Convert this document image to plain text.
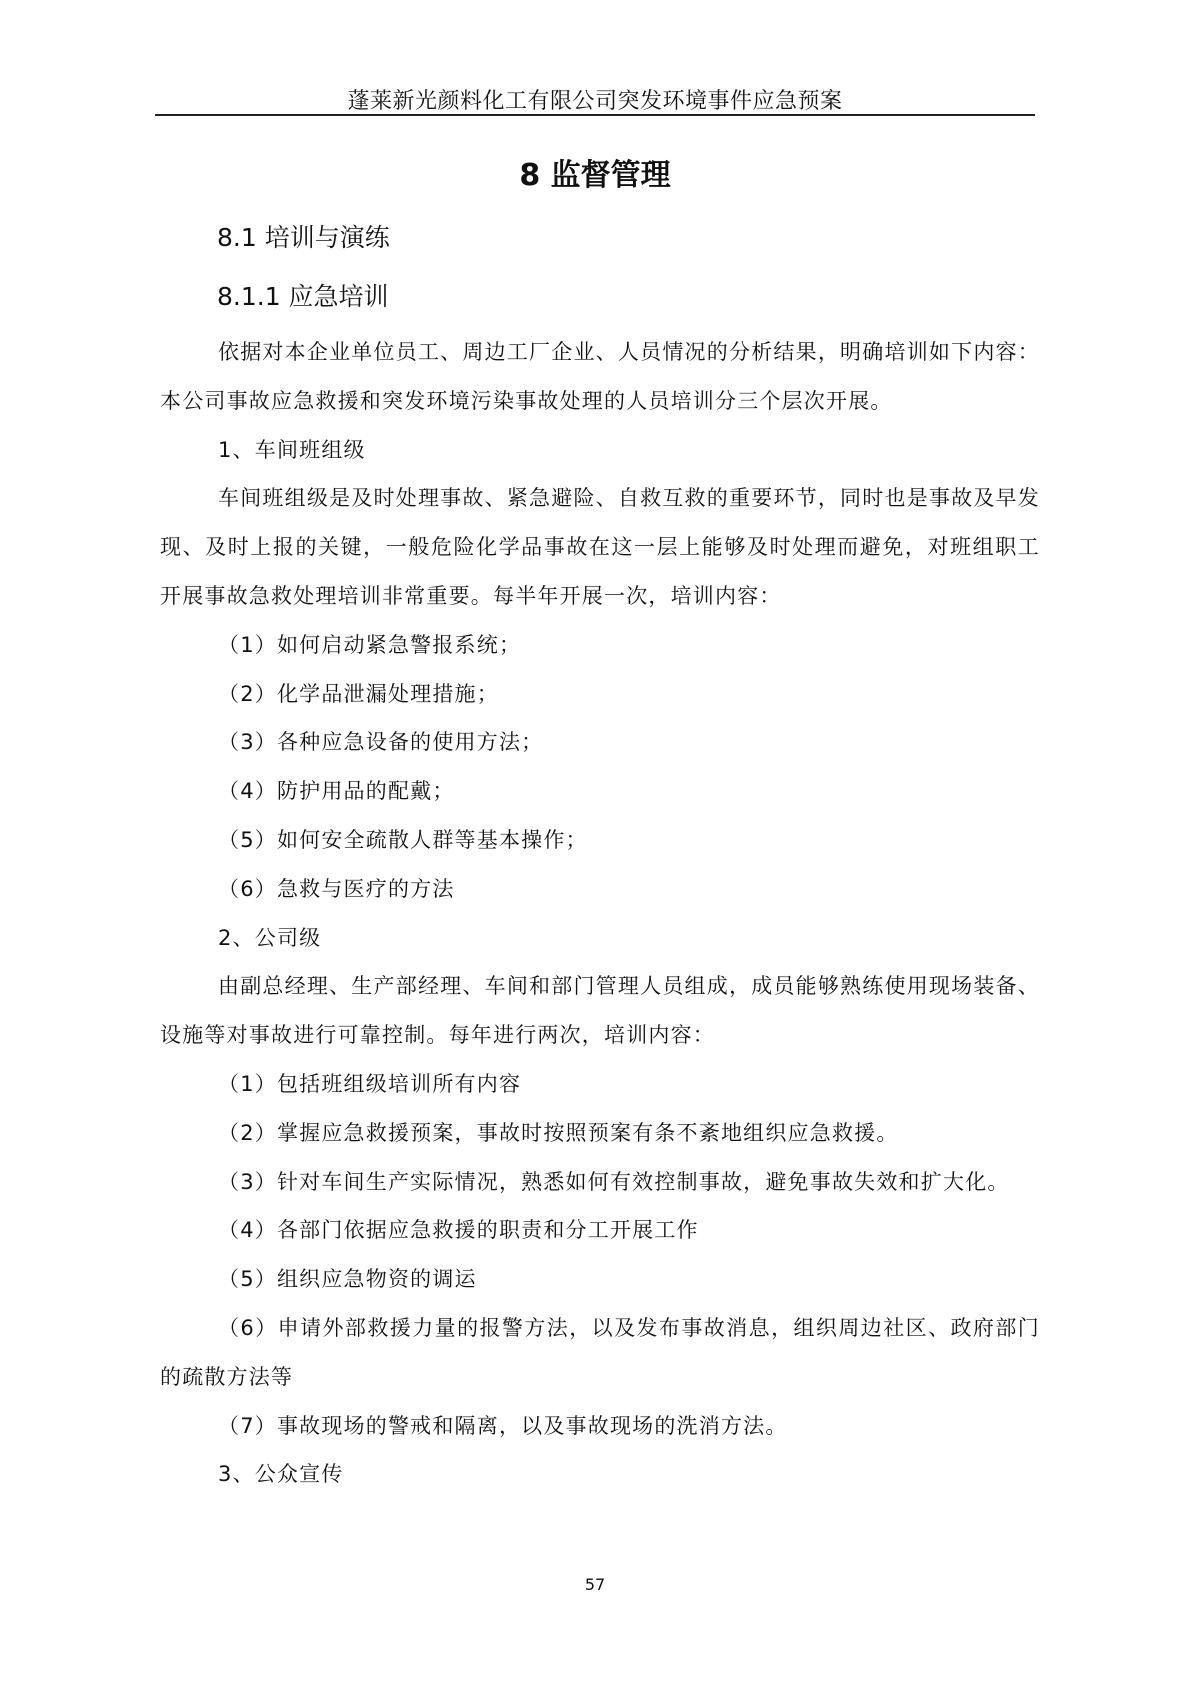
蓬莱新光颜料化工有限公司突发环境事件应急预案
8 监督管理
8.1 培训与演练
8.1.1 应急培训

依据对本企业单位员工、周边工厂企业、人员情况的分析结果，明确培训如下内容：本公司事故应急救援和突发环境污染事故处理的人员培训分三个层次开展。

1、车间班组级

车间班组级是及时处理事故、紧急避险、自救互救的重要环节，同时也是事故及早发现、及时上报的关键，一般危险化学品事故在这一层上能够及时处理而避免，对班组职工开展事故急救处理培训非常重要。每半年开展一次，培训内容：

（1）如何启动紧急警报系统；

（2）化学品泄漏处理措施；

（3）各种应急设备的使用方法；

（4）防护用品的配戴；

（5）如何安全疏散人群等基本操作；

（6）急救与医疗的方法

2、公司级

由副总经理、生产部经理、车间和部门管理人员组成，成员能够熟练使用现场装备、设施等对事故进行可靠控制。每年进行两次，培训内容：

（1）包括班组级培训所有内容

（2）掌握应急救援预案，事故时按照预案有条不紊地组织应急救援。

（3）针对车间生产实际情况，熟悉如何有效控制事故，避免事故失效和扩大化。

（4）各部门依据应急救援的职责和分工开展工作

（5）组织应急物资的调运

（6）申请外部救援力量的报警方法，以及发布事故消息，组织周边社区、政府部门的疏散方法等

（7）事故现场的警戒和隔离，以及事故现场的洗消方法。

3、公众宣传

57
